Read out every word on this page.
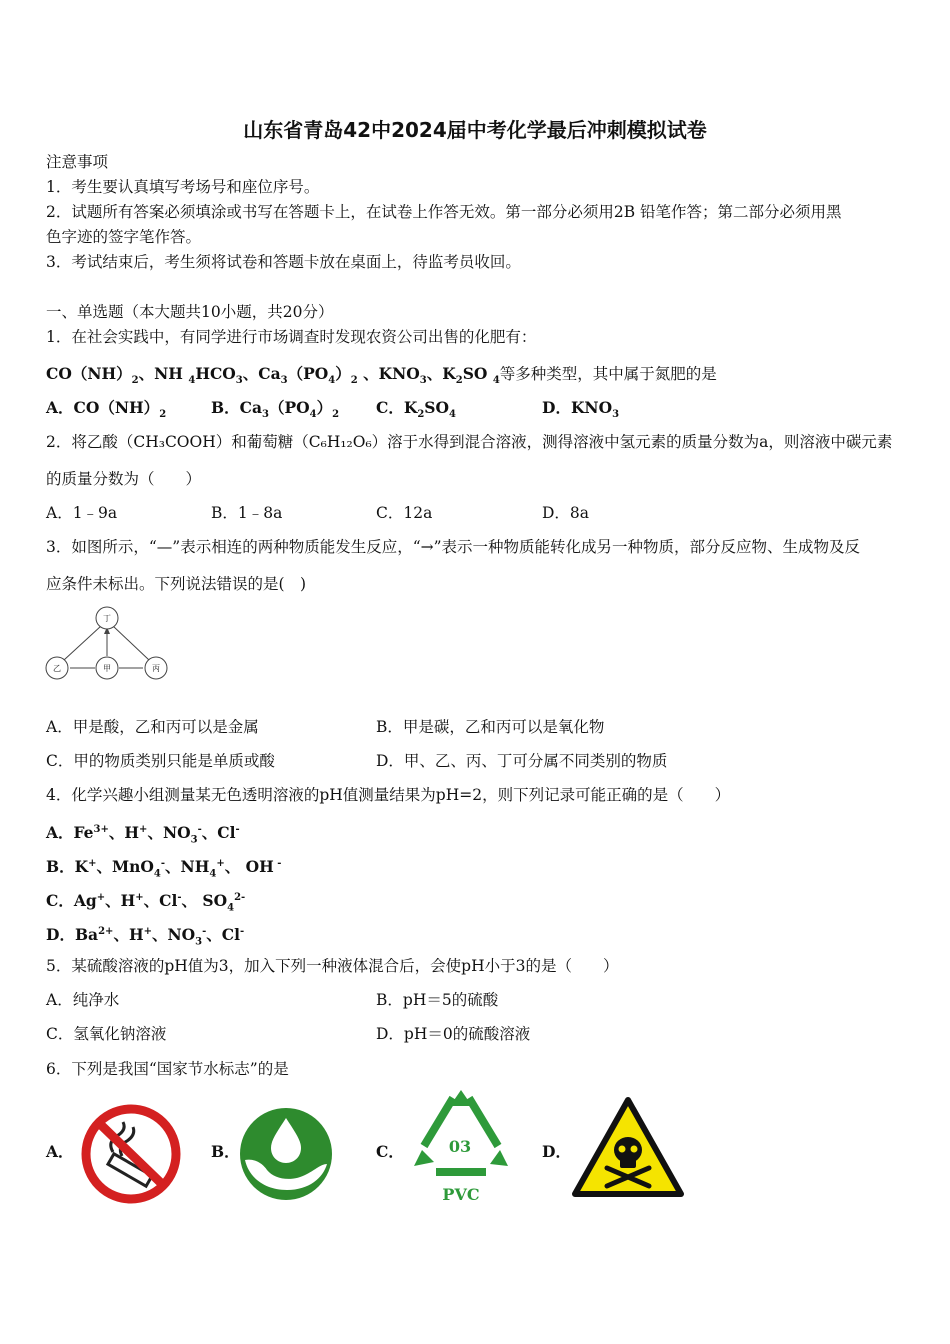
山东省青岛42中2024届中考化学最后冲刺模拟试卷
注意事项
1．考生要认真填写考场号和座位序号。
2．试题所有答案必须填涂或书写在答题卡上，在试卷上作答无效。第一部分必须用2B 铅笔作答；第二部分必须用黑
色字迹的签字笔作答。
3．考试结束后，考生须将试卷和答题卡放在桌面上，待监考员收回。
一、单选题（本大题共10小题，共20分）
1．在社会实践中，有同学进行市场调查时发现农资公司出售的化肥有：
$CO(NH)_2$、NH $_4HCO_3$、$Ca_3(PO_4)_2$ 、$KNO_3$、$K_2SO$ $_4$等多种类型，其中属于氮肥的是
A．$CO(NH)_2$	B．$Ca_3(PO_4)_2$ C．$K_2SO_4$	D．$KNO_3$
2．将乙酸（CH₃COOH）和葡萄糖（C₆H₁₂O₆）溶于水得到混合溶液，测得溶液中氢元素的质量分数为a，则溶液中碳元素
的质量分数为（　　）
A．1﹣9a	B．1﹣8a	C．12a	D．8a
3．如图所示，“—”表示相连的两种物质能发生反应，“→”表示一种物质能转化成另一种物质，部分反应物、生成物及反
应条件未标出。下列说法错误的是(　)
丁
乙	甲	丙
A．甲是酸，乙和丙可以是金属	B．甲是碳，乙和丙可以是氧化物
C．甲的物质类别只能是单质或酸	D．甲、乙、丙、丁可分属不同类别的物质
4．化学兴趣小组测量某无色透明溶液的pH值测量结果为pH=2，则下列记录可能正确的是（　　）
A．$Fe^{3+}$、H+、$NO_3^-$、Cl-
B．K+、MnO$_4$-、$NH_4^+$、 OH -
C．Ag+、H+、Cl-、 $SO_4^{2-}$
D．$Ba^{2+}$、H+、$NO_3^-$、Cl-
5．某硫酸溶液的pH值为3，加入下列一种液体混合后，会使pH小于3的是（　　）
A．纯净水	B．pH＝5的硫酸
C．氢氧化钠溶液	D．pH＝0的硫酸溶液
6．下列是我国“国家节水标志”的是
A．	B．	C．	03
PVC
D．
